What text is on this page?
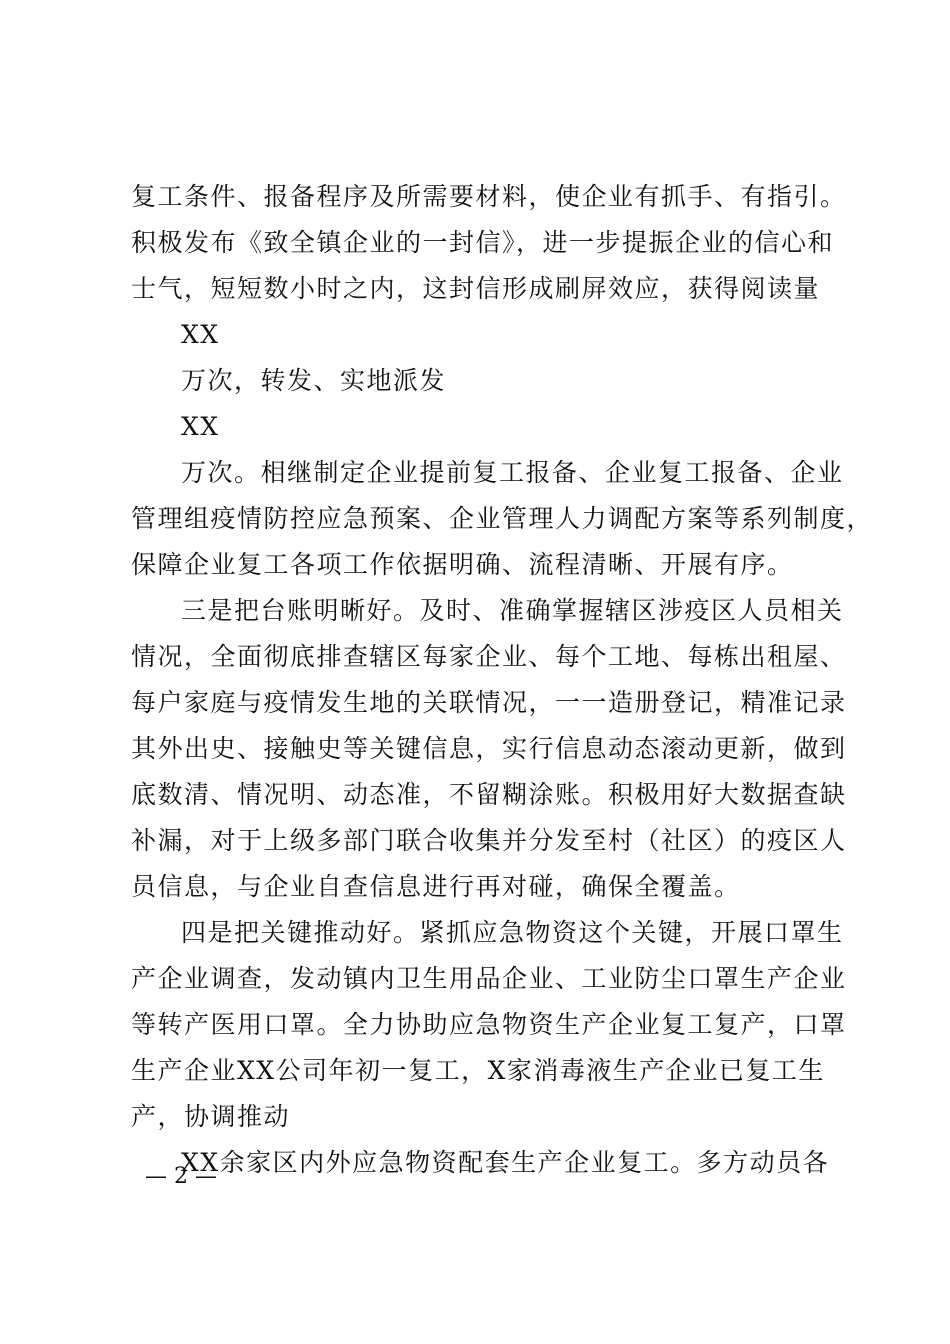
复工条件、报备程序及所需要材料，使企业有抓手、有指引。
积极发布《致全镇企业的一封信》，进一步提振企业的信心和
士气，短短数小时之内，这封信形成刷屏效应，获得阅读量
XX
万次，转发、实地派发
XX
万次。相继制定企业提前复工报备、企业复工报备、企业
管理组疫情防控应急预案、企业管理人力调配方案等系列制度，
保障企业复工各项工作依据明确、流程清晰、开展有序。
三是把台账明晰好。及时、准确掌握辖区涉疫区人员相关
情况，全面彻底排查辖区每家企业、每个工地、每栋出租屋、
每户家庭与疫情发生地的关联情况，一一造册登记，精准记录
其外出史、接触史等关键信息，实行信息动态滚动更新，做到
底数清、情况明、动态准，不留糊涂账。积极用好大数据查缺
补漏，对于上级多部门联合收集并分发至村（社区）的疫区人
员信息，与企业自查信息进行再对碰，确保全覆盖。
四是把关键推动好。紧抓应急物资这个关键，开展口罩生
产企业调查，发动镇内卫生用品企业、工业防尘口罩生产企业
等转产医用口罩。全力协助应急物资生产企业复工复产，口罩
生产企业XX公司年初一复工，X家消毒液生产企业已复工生
产，协调推动
XX余家区内外应急物资配套生产企业复工。多方动员各
— 2 —
